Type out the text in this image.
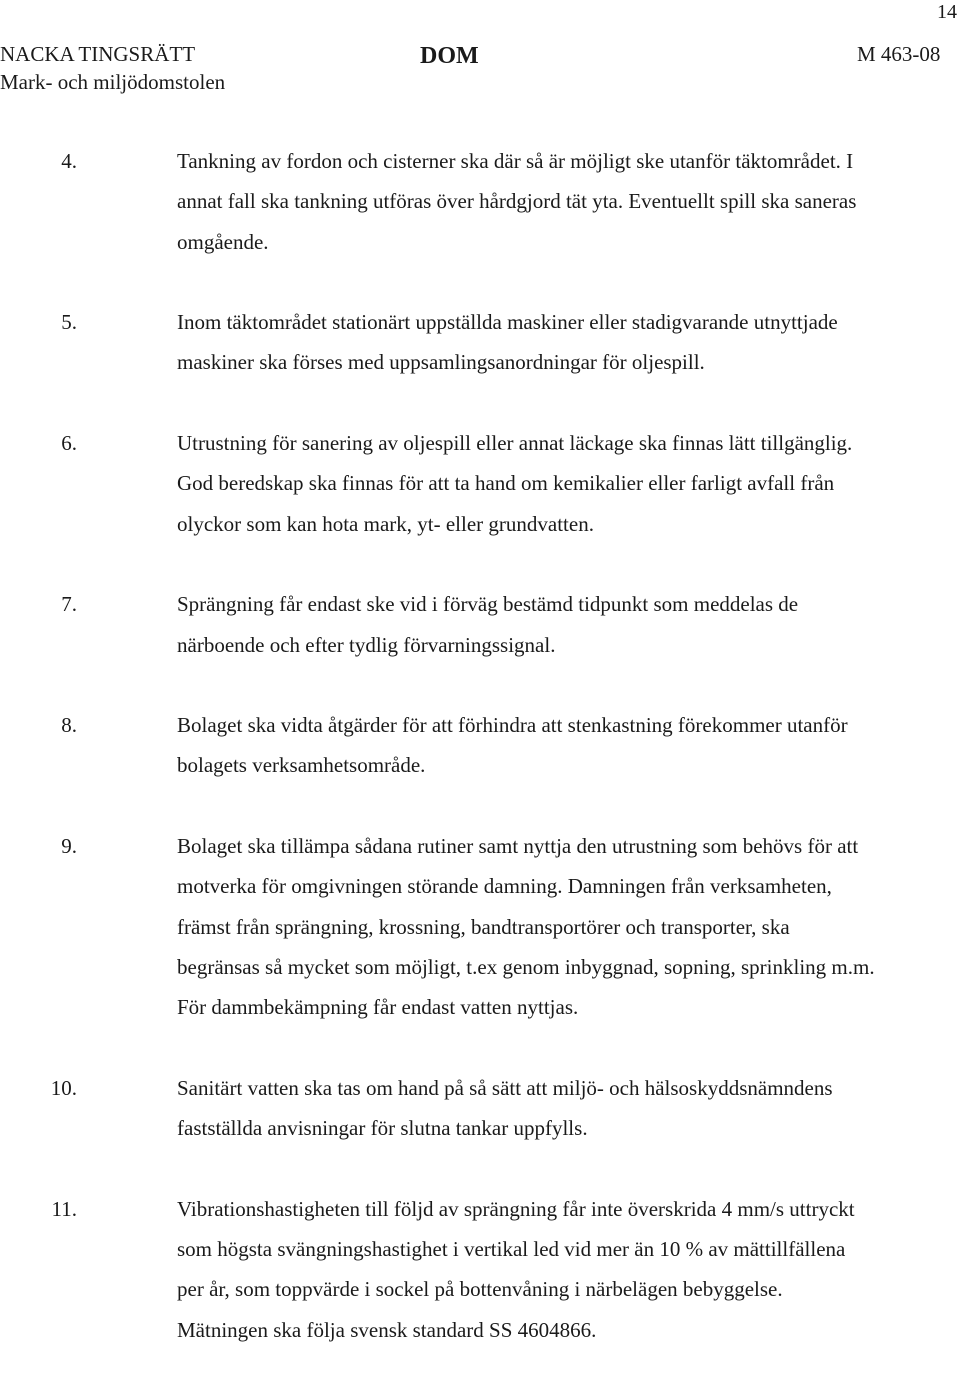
14
NACKA TINGSRÄTT
Mark- och miljödomstolen
DOM	M 463-08
4.	Tankning av fordon och cisterner ska där så är möjligt ske utanför täktområdet. I annat fall ska tankning utföras över hårdgjord tät yta. Eventuellt spill ska saneras omgående.
5.	Inom täktområdet stationärt uppställda maskiner eller stadigvarande utnyttjade maskiner ska förses med uppsamlingsanordningar för oljespill.
6.	Utrustning för sanering av oljespill eller annat läckage ska finnas lätt tillgänglig. God beredskap ska finnas för att ta hand om kemikalier eller farligt avfall från olyckor som kan hota mark, yt- eller grundvatten.
7.	Sprängning får endast ske vid i förväg bestämd tidpunkt som meddelas de närboende och efter tydlig förvarningssignal.
8.	Bolaget ska vidta åtgärder för att förhindra att stenkastning förekommer utanför bolagets verksamhetsområde.
9.	Bolaget ska tillämpa sådana rutiner samt nyttja den utrustning som behövs för att motverka för omgivningen störande damning. Damningen från verksamheten, främst från sprängning, krossning, bandtransportörer och transporter, ska begränsas så mycket som möjligt, t.ex genom inbyggnad, sopning, sprinkling m.m. För dammbekämpning får endast vatten nyttjas.
10.	Sanitärt vatten ska tas om hand på så sätt att miljö- och hälsoskyddsnämndens fastställda anvisningar för slutna tankar uppfylls.
11.	Vibrationshastigheten till följd av sprängning får inte överskrida 4 mm/s uttryckt som högsta svängningshastighet i vertikal led vid mer än 10 % av mättillfällena per år, som toppvärde i sockel på bottenvåning i närbelägen bebyggelse. Mätningen ska följa svensk standard SS 4604866.
